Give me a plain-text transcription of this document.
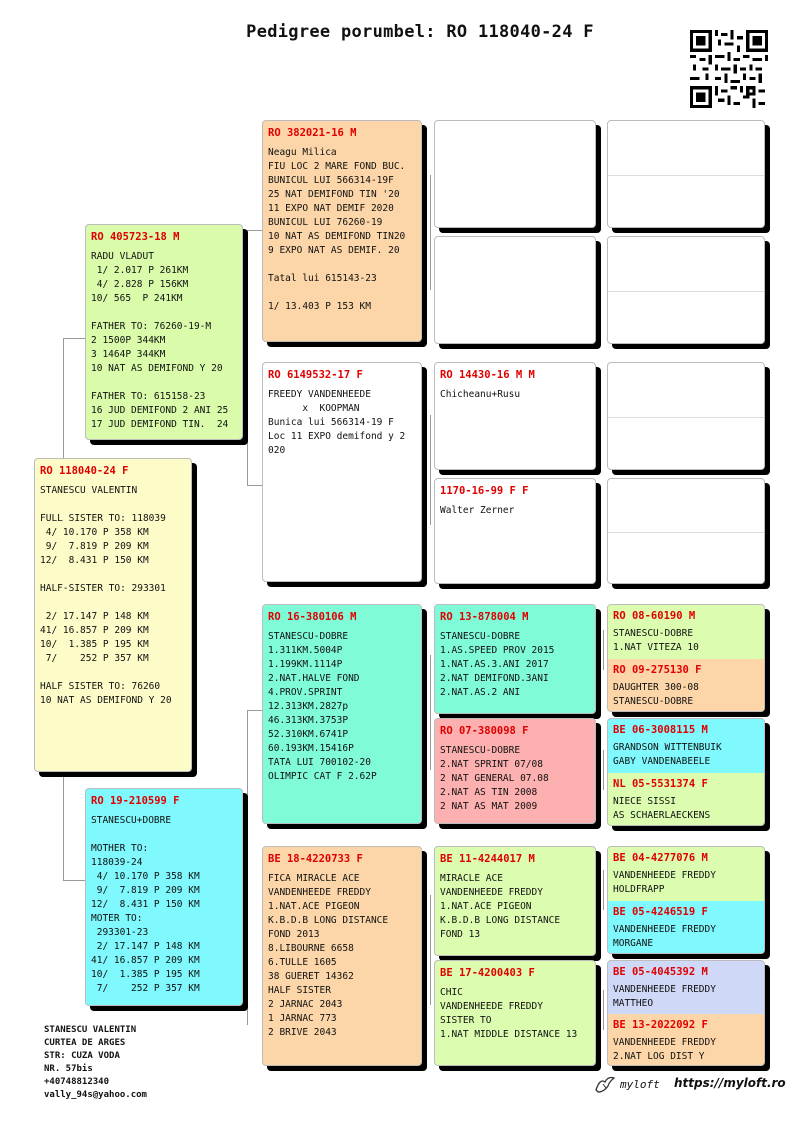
Pedigree porumbel: RO 118040-24 F
RO 405723-18 M
RADU VLADUT
1/ 2.017 P 261KM
4/ 2.828 P 156KM
10/ 565  P 241KM

FATHER TO: 76260-19-M
2 1500P 344KM
3 1464P 344KM
10 NAT AS DEMIFOND Y 20

FATHER TO: 615158-23
16 JUD DEMIFOND 2 ANI 25
17 JUD DEMIFOND TIN.  24
RO 118040-24 F
STANESCU VALENTIN

FULL SISTER TO: 118039
4/ 10.170 P 358 KM
9/  7.819 P 209 KM
12/  8.431 P 150 KM

HALF-SISTER TO: 293301

2/ 17.147 P 148 KM
41/ 16.857 P 209 KM
10/  1.385 P 195 KM
7/    252 P 357 KM

HALF SISTER TO: 76260
10 NAT AS DEMIFOND Y 20
RO 19-210599 F
STANESCU+DOBRE

MOTHER TO:
118039-24
4/ 10.170 P 358 KM
9/  7.819 P 209 KM
12/  8.431 P 150 KM
MOTER TO:
293301-23
2/ 17.147 P 148 KM
41/ 16.857 P 209 KM
10/  1.385 P 195 KM
7/    252 P 357 KM
RO 382021-16 M
Neagu Milica
FIU LOC 2 MARE FOND BUC.
BUNICUL LUI 566314-19F
25 NAT DEMIFOND TIN '20
11 EXPO NAT DEMIF 2020
BUNICUL LUI 76260-19
10 NAT AS DEMIFOND TIN20
9 EXPO NAT AS DEMIF. 20

Tatal lui 615143-23

1/ 13.403 P 153 KM
RO 6149532-17 F
FREEDY VANDENHEEDE
x  KOOPMAN
Bunica lui 566314-19 F
Loc 11 EXPO demifond y 2
020
RO 16-380106 M
STANESCU-DOBRE
1.311KM.5004P
1.199KM.1114P
2.NAT.HALVE FOND
4.PROV.SPRINT
12.313KM.2827p
46.313KM.3753P
52.310KM.6741P
60.193KM.15416P
TATA LUI 700102-20
OLIMPIC CAT F 2.62P
BE 18-4220733 F
FICA MIRACLE ACE
VANDENHEEDE FREDDY
1.NAT.ACE PIGEON
K.B.D.B LONG DISTANCE
FOND 2013
8.LIBOURNE 6658
6.TULLE 1605
38 GUERET 14362
HALF SISTER
2 JARNAC 2043
1 JARNAC 773
2 BRIVE 2043
RO 14430-16 M M
Chicheanu+Rusu
1170-16-99 F F
Walter Zerner
RO 13-878004 M
STANESCU-DOBRE
1.AS.SPEED PROV 2015
1.NAT.AS.3.ANI 2017
2.NAT DEMIFOND.3ANI
2.NAT.AS.2 ANI
RO 07-380098 F
STANESCU-DOBRE
2.NAT SPRINT 07/08
2 NAT GENERAL 07.08
2.NAT AS TIN 2008
2 NAT AS MAT 2009
BE 11-4244017 M
MIRACLE ACE
VANDENHEEDE FREDDY
1.NAT.ACE PIGEON
K.B.D.B LONG DISTANCE
FOND 13
BE 17-4200403 F
CHIC
VANDENHEEDE FREDDY
SISTER TO
1.NAT MIDDLE DISTANCE 13
RO 08-60190 M
STANESCU-DOBRE
1.NAT VITEZA 10
RO 09-275130 F
DAUGHTER 300-08
STANESCU-DOBRE
BE 06-3008115 M
GRANDSON WITTENBUIK
GABY VANDENABEELE
NL 05-5531374 F
NIECE SISSI
AS SCHAERLAECKENS
BE 04-4277076 M
VANDENHEEDE FREDDY
HOLDFRAPP
BE 05-4246519 F
VANDENHEEDE FREDDY
MORGANE
BE 05-4045392 M
VANDENHEEDE FREDDY
MATTHEO
BE 13-2022092 F
VANDENHEEDE FREDDY
2.NAT LOG DIST Y
STANESCU VALENTIN
CURTEA DE ARGES
STR: CUZA VODA
NR. 57bis
+40748812340
vally_94s@yahoo.com
myloft https://myloft.ro
